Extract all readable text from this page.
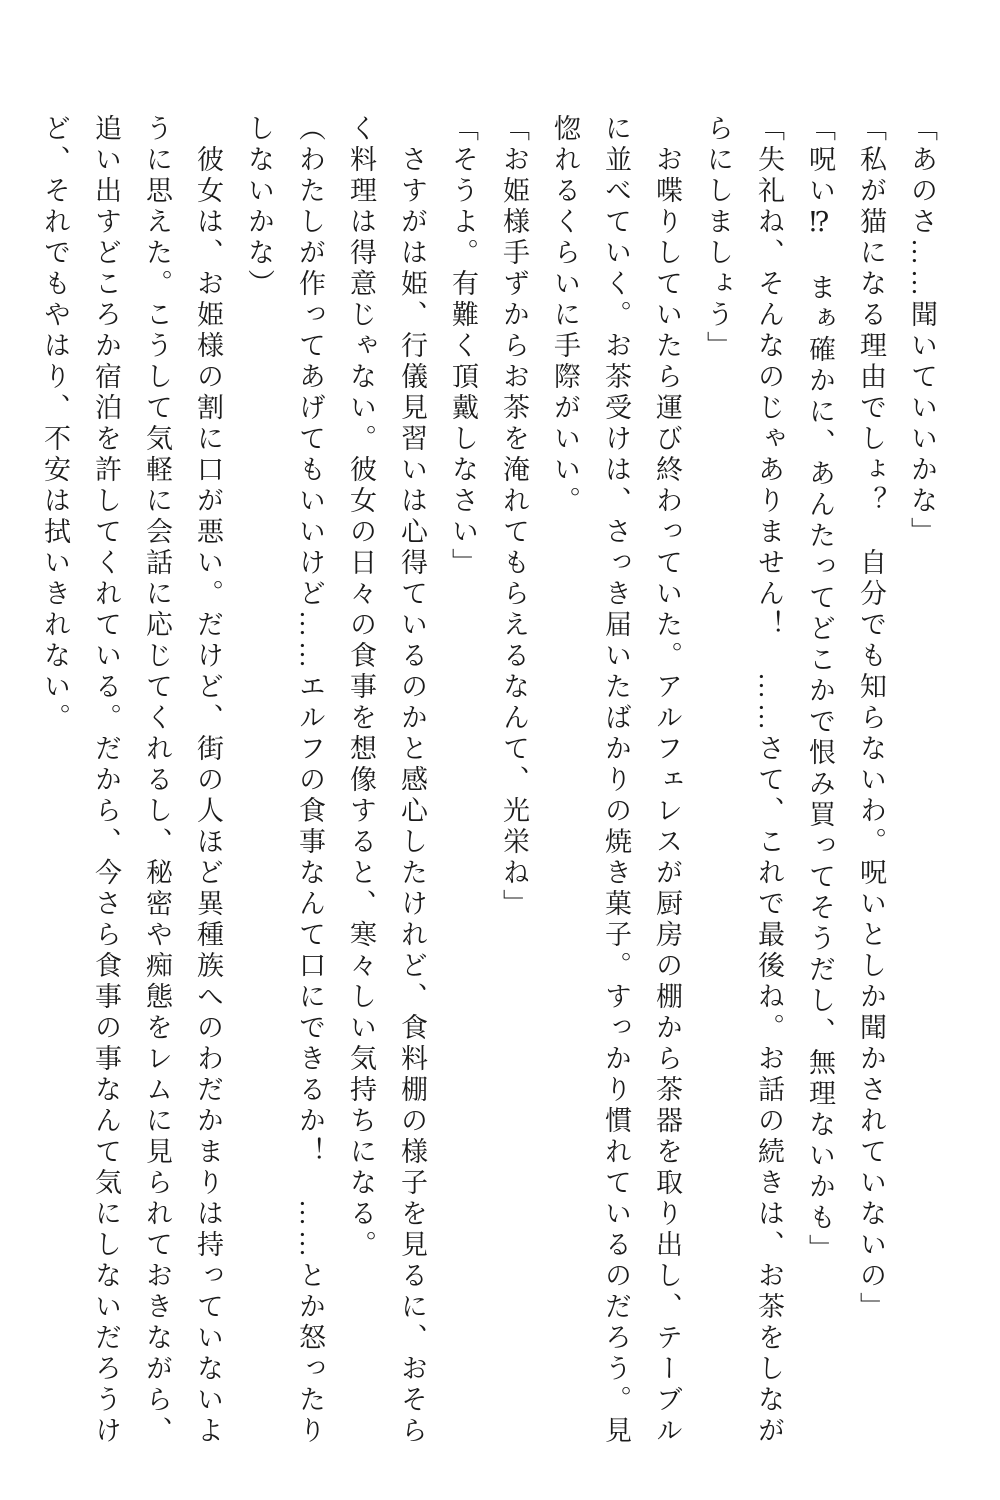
「あのさ……聞いていいかな」

「私が猫になる理由でしょ？　自分でも知らないわ。呪いとしか聞かされていないの」

「呪い⁉　まぁ確かに、あんたってどこかで恨み買ってそうだし、無理ないかも」

「失礼ね、そんなのじゃありません！　……さて、これで最後ね。お話の続きは、お茶をしながらにしましょう」

　お喋りしていたら運び終わっていた。アルフェレスが厨房の棚から茶器を取り出し、テーブルに並べていく。お茶受けは、さっき届いたばかりの焼き菓子。すっかり慣れているのだろう。見惚れるくらいに手際がいい。

「お姫様手ずからお茶を淹れてもらえるなんて、光栄ね」

「そうよ。有難く頂戴しなさい」

　さすがは姫、行儀見習いは心得ているのかと感心したけれど、食料棚の様子を見るに、おそらく料理は得意じゃない。彼女の日々の食事を想像すると、寒々しい気持ちになる。

（わたしが作ってあげてもいいけど……エルフの食事なんて口にできるか！　……とか怒ったりしないかな）

　彼女は、お姫様の割に口が悪い。だけど、街の人ほど異種族へのわだかまりは持っていないように思えた。こうして気軽に会話に応じてくれるし、秘密や痴態をレムに見られておきながら、追い出すどころか宿泊を許してくれている。だから、今さら食事の事なんて気にしないだろうけど、それでもやはり、不安は拭いきれない。
